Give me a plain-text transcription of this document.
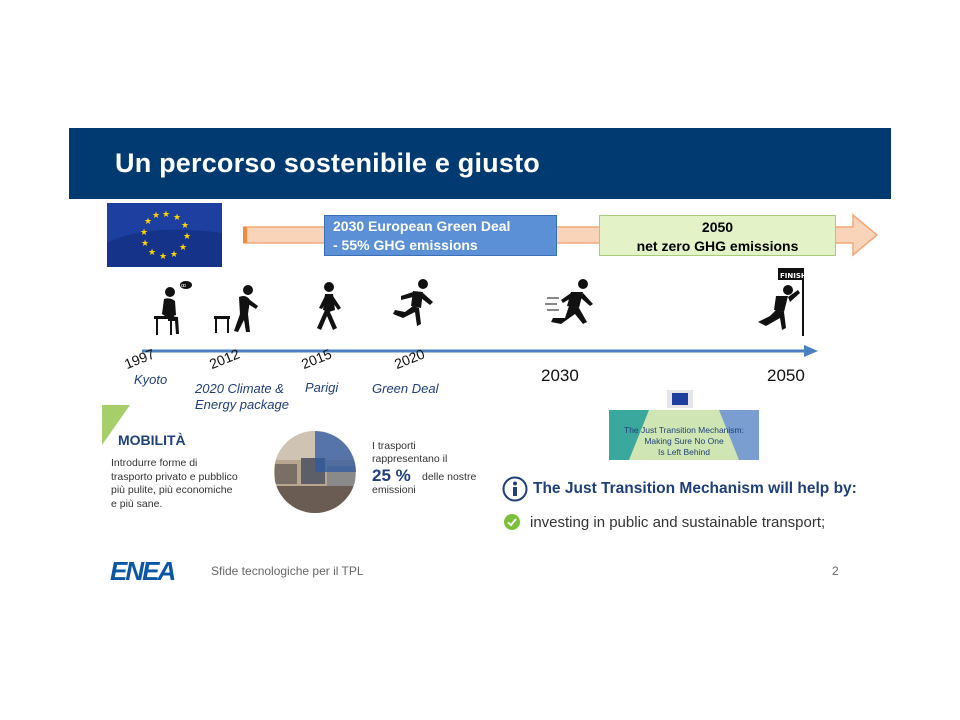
Un percorso sostenibile e giusto
★ ★
★
★
★
★
★
★
★
★
★
★
2030 European Green Deal
- 55% GHG emissions
2050
net zero GHG emissions
ꝏ
FINISH
1997
Kyoto
2012
2020 Climate &
Energy package
2015
Parigi
2020
Green Deal
2030	2050
MOBILITÀ
Introdurre forme di
trasporto privato e pubblico
più pulite, più economiche
e più sane.
I trasporti
rappresentano il
25 % delle nostre
emissioni
The Just Transition Mechanism:
Making Sure No One
Is Left Behind
The Just Transition Mechanism will help by:
investing in public and sustainable transport;
ENEA	Sfide tecnologiche per il TPL	2
